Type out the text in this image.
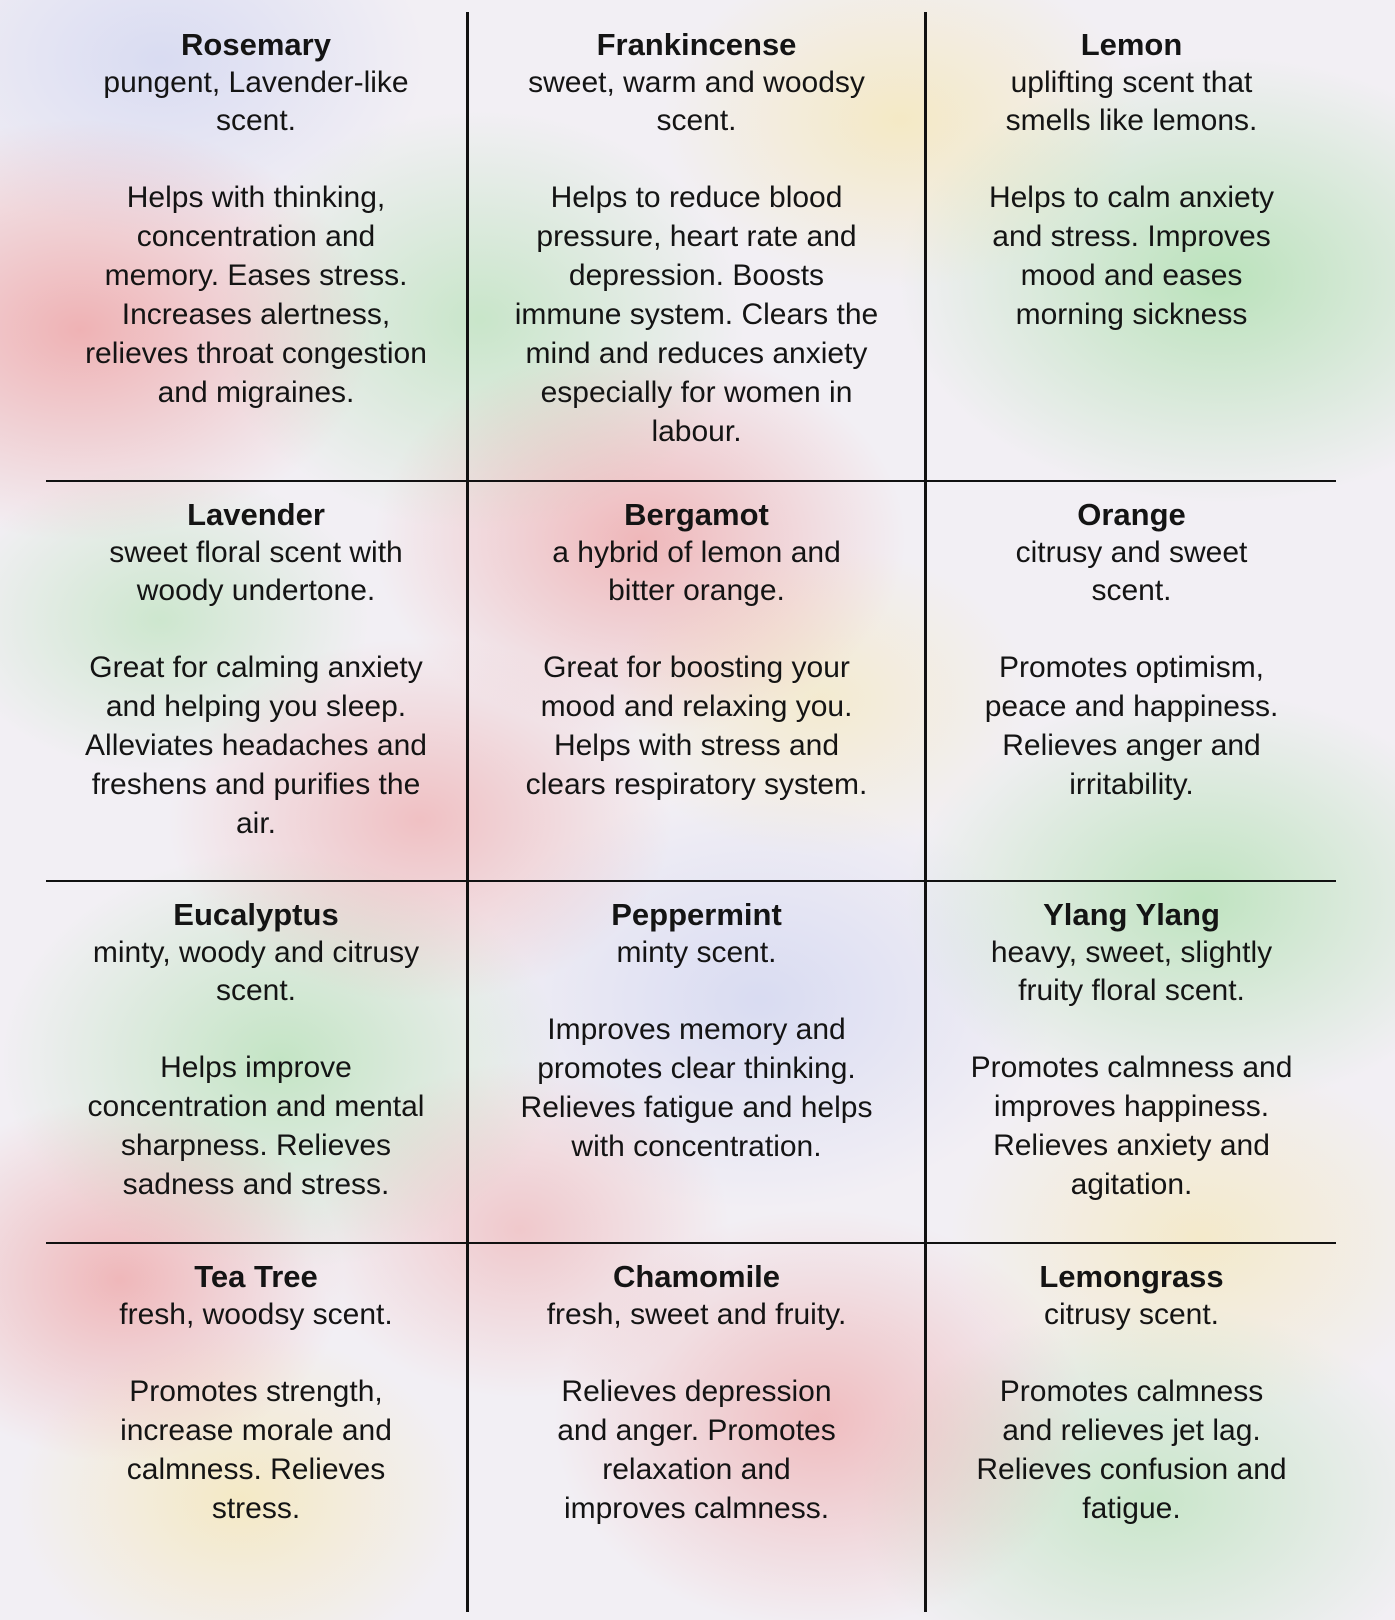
Rosemary
pungent, Lavender-like
scent.
Helps with thinking,
concentration and
memory. Eases stress.
Increases alertness,
relieves throat congestion
and migraines.
Frankincense
sweet, warm and woodsy
scent.
Helps to reduce blood
pressure, heart rate and
depression. Boosts
immune system. Clears the
mind and reduces anxiety
especially for women in
labour.
Lemon
uplifting scent that
smells like lemons.
Helps to calm anxiety
and stress. Improves
mood and eases
morning sickness
Lavender
sweet floral scent with
woody undertone.
Great for calming anxiety
and helping you sleep.
Alleviates headaches and
freshens and purifies the
air.
Bergamot
a hybrid of lemon and
bitter orange.
Great for boosting your
mood and relaxing you.
Helps with stress and
clears respiratory system.
Orange
citrusy and sweet
scent.
Promotes optimism,
peace and happiness.
Relieves anger and
irritability.
Eucalyptus
minty, woody and citrusy
scent.
Helps improve
concentration and mental
sharpness. Relieves
sadness and stress.
Peppermint
minty scent.
Improves memory and
promotes clear thinking.
Relieves fatigue and helps
with concentration.
Ylang Ylang
heavy, sweet, slightly
fruity floral scent.
Promotes calmness and
improves happiness.
Relieves anxiety and
agitation.
Tea Tree
fresh, woodsy scent.
Promotes strength,
increase morale and
calmness. Relieves
stress.
Chamomile
fresh, sweet and fruity.
Relieves depression
and anger. Promotes
relaxation and
improves calmness.
Lemongrass
citrusy scent.
Promotes calmness
and relieves jet lag.
Relieves confusion and
fatigue.
